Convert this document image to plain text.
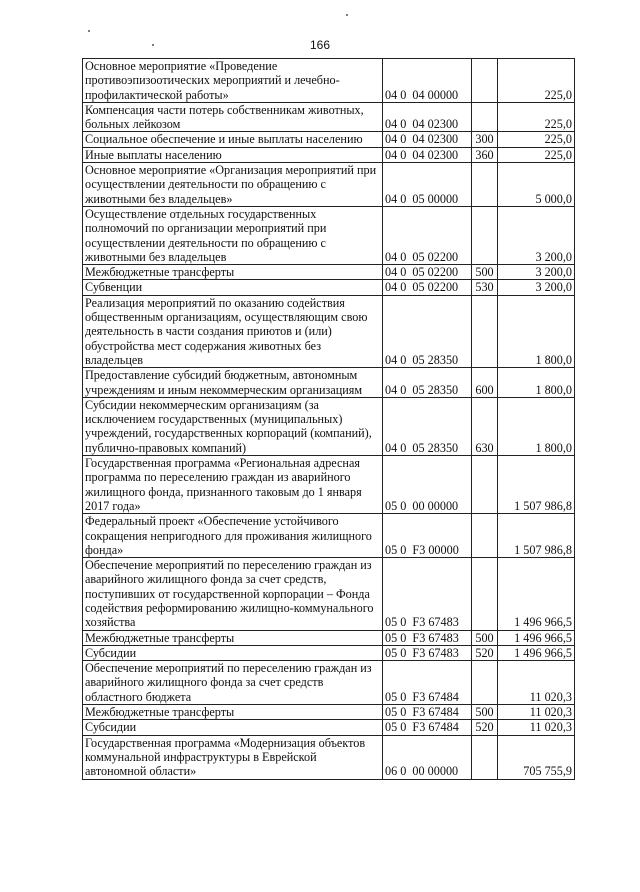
166
Основное мероприятие «Проведение противоэпизоотических мероприятий и лечебно-профилактической работы»	04 0  04 00000		225,0
Компенсация части потерь собственникам животных, больных лейкозом	04 0  04 02300		225,0
Социальное обеспечение и иные выплаты населению	04 0  04 02300	300	225,0
Иные выплаты населению	04 0  04 02300	360	225,0
Основное мероприятие «Организация мероприятий при осуществлении деятельности по обращению с животными без владельцев»	04 0  05 00000		5 000,0
Осуществление отдельных государственных полномочий по организации мероприятий при осуществлении деятельности по обращению с животными без владельцев	04 0  05 02200		3 200,0
Межбюджетные трансферты	04 0  05 02200	500	3 200,0
Субвенции	04 0  05 02200	530	3 200,0
Реализация мероприятий по оказанию содействия общественным организациям, осуществляющим свою деятельность в части создания приютов и (или) обустройства мест содержания животных без владельцев	04 0  05 28350		1 800,0
Предоставление субсидий бюджетным, автономным учреждениям и иным некоммерческим организациям	04 0  05 28350	600	1 800,0
Субсидии некоммерческим организациям (за исключением государственных (муниципальных) учреждений, государственных корпораций (компаний), публично-правовых компаний)	04 0  05 28350	630	1 800,0
Государственная программа «Региональная адресная программа по переселению граждан из аварийного жилищного фонда, признанного таковым до 1 января 2017 года»	05 0  00 00000		1 507 986,8
Федеральный проект «Обеспечение устойчивого сокращения непригодного для проживания жилищного фонда»	05 0  F3 00000		1 507 986,8
Обеспечение мероприятий по переселению граждан из аварийного жилищного фонда за счет средств, поступивших от государственной корпорации – Фонда содействия реформированию жилищно-коммунального хозяйства	05 0  F3 67483		1 496 966,5
Межбюджетные трансферты	05 0  F3 67483	500	1 496 966,5
Субсидии	05 0  F3 67483	520	1 496 966,5
Обеспечение мероприятий по переселению граждан из аварийного жилищного фонда за счет средств областного бюджета	05 0  F3 67484		11 020,3
Межбюджетные трансферты	05 0  F3 67484	500	11 020,3
Субсидии	05 0  F3 67484	520	11 020,3
Государственная программа «Модернизация объектов коммунальной инфраструктуры в Еврейской автономной области»	06 0  00 00000		705 755,9
